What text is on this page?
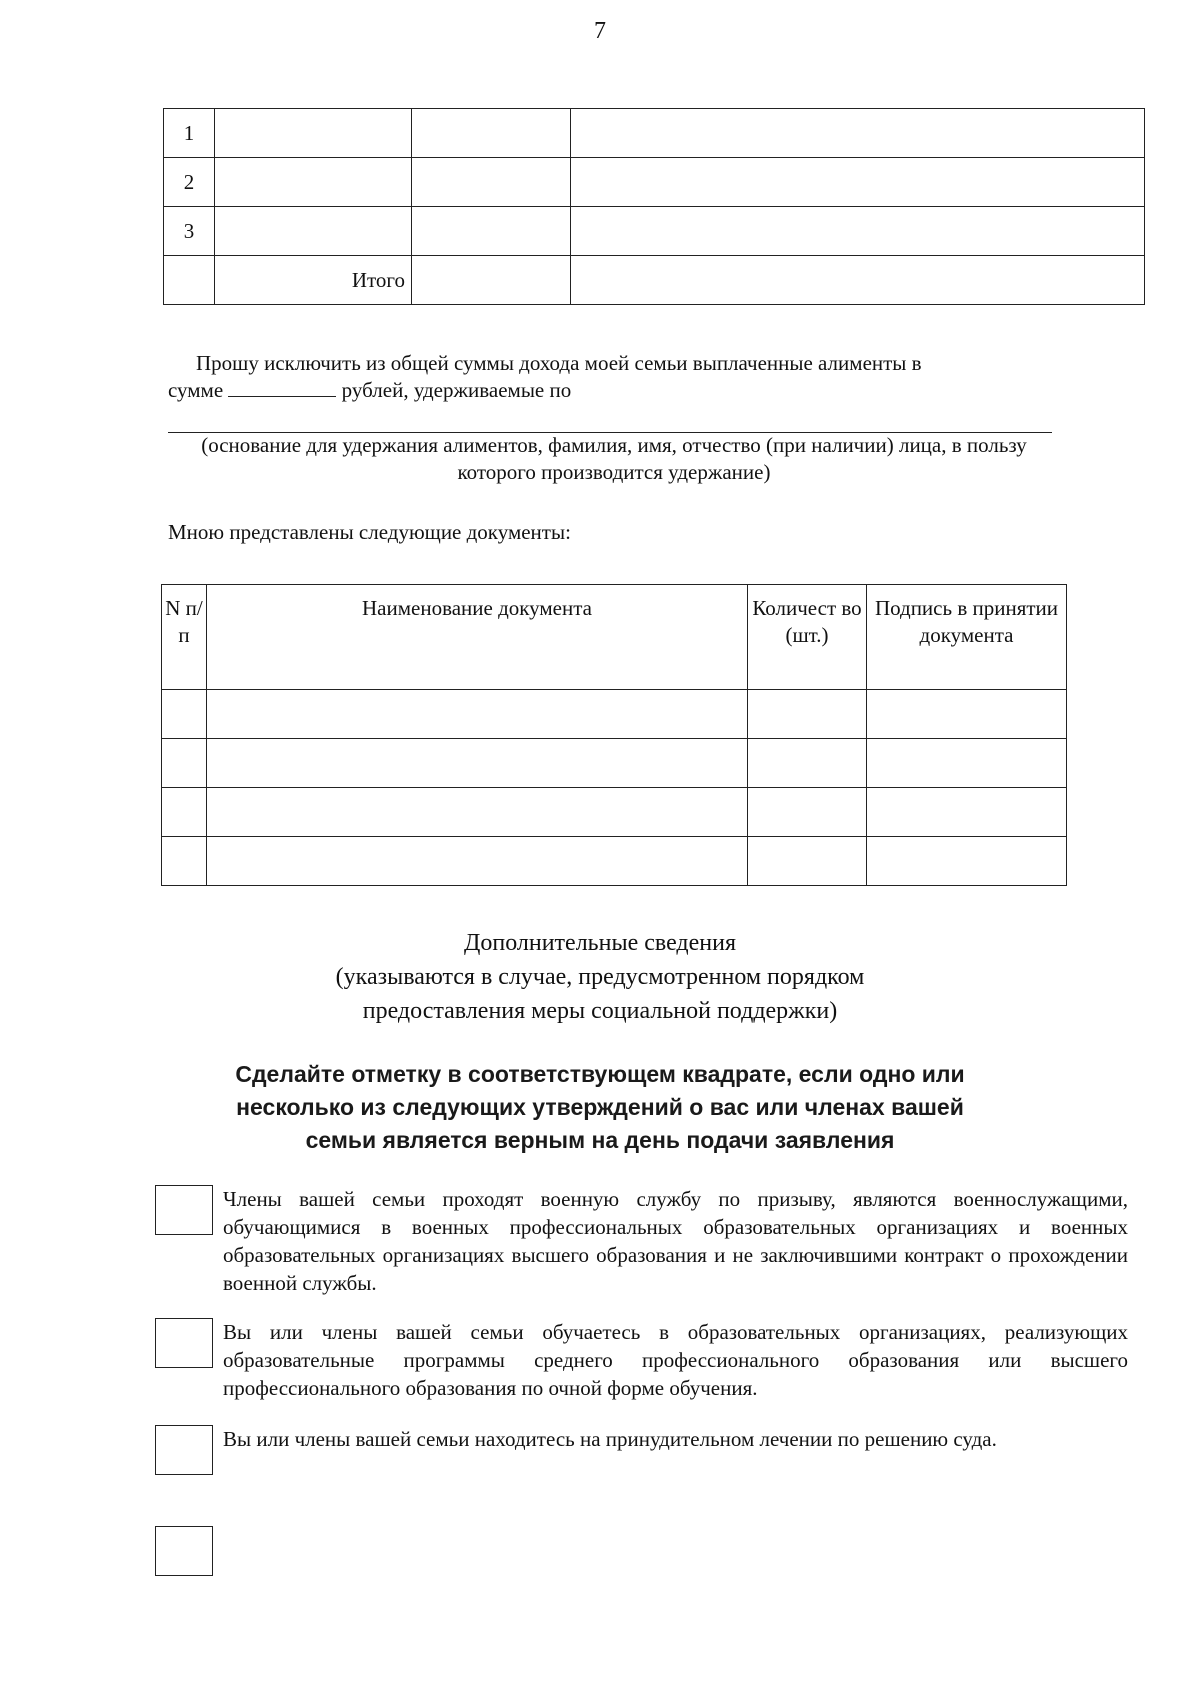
7
1			
2			
3			
	Итого		
Прошу исключить из общей суммы дохода моей семьи выплаченные алименты в
сумме	рублей, удерживаемые по
(основание для удержания алиментов, фамилия, имя, отчество (при наличии) лица, в пользу которого производится удержание)
Мною представлены следующие документы:
N п/п	Наименование документа	Количест во (шт.)	Подпись в принятии документа

Дополнительные сведения
(указываются в случае, предусмотренном порядком
предоставления меры социальной поддержки)
Сделайте отметку в соответствующем квадрате, если одно или
несколько из следующих утверждений о вас или членах вашей
семьи является верным на день подачи заявления
Члены вашей семьи проходят военную службу по призыву, являются военнослужащими, обучающимися в военных профессиональных образовательных организациях и военных образовательных организациях высшего образования и не заключившими контракт о прохождении военной службы.
Вы или члены вашей семьи обучаетесь в образовательных организациях, реализующих образовательные программы среднего профессионального образования или высшего профессионального образования по очной форме обучения.
Вы или члены вашей семьи находитесь на принудительном лечении по решению суда.
